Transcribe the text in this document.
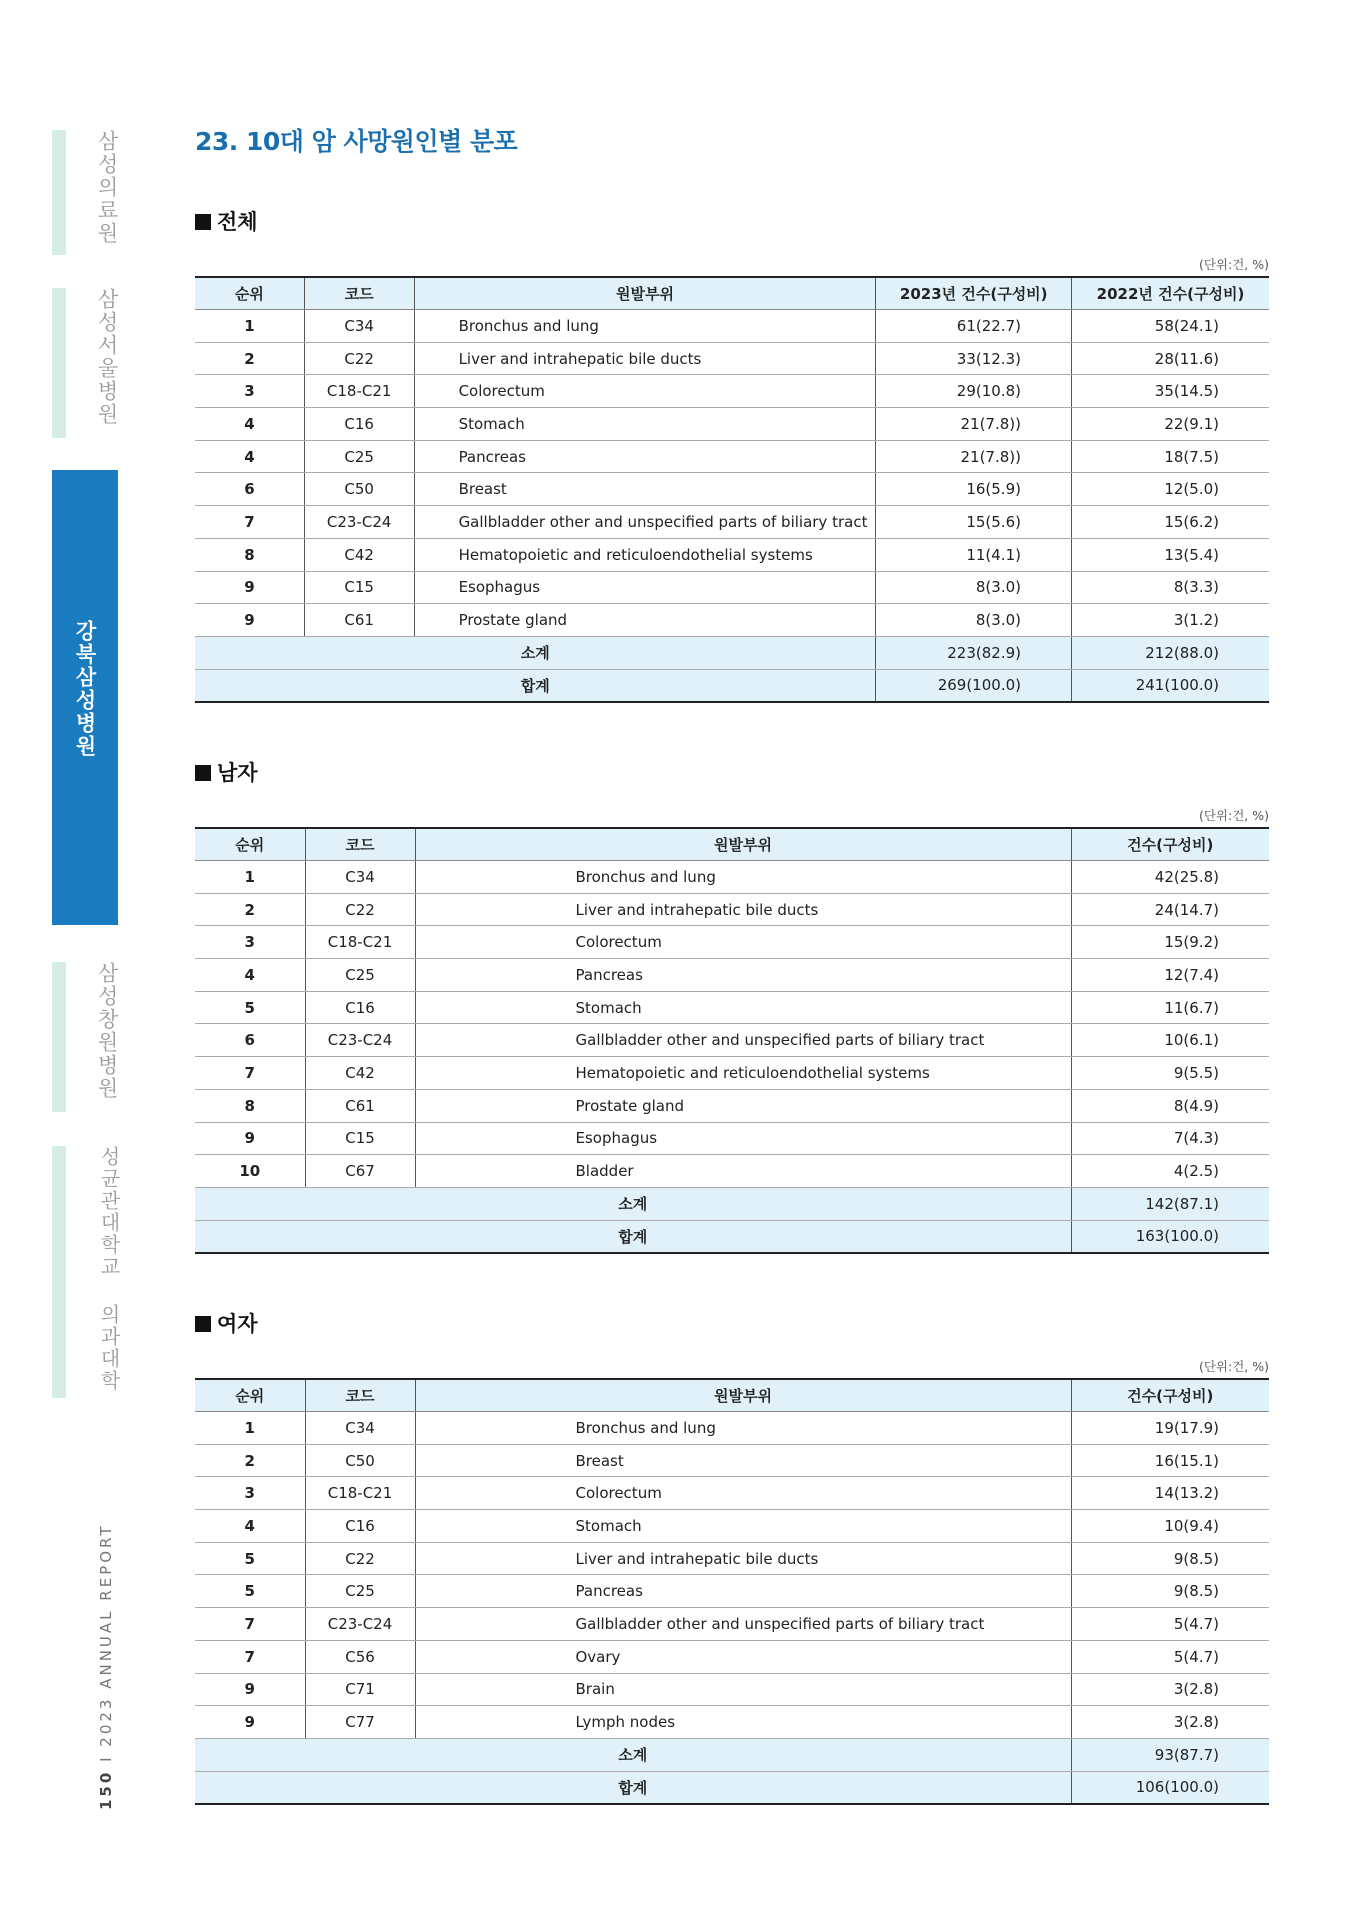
삼성의료원
삼성서울병원
강북삼성병원
삼성창원병원
성균관대학교 의과대학
150 I 2023 ANNUAL REPORT
23. 10대 암 사망원인별 분포
전체
(단위:건, %)
순위	코드	원발부위	2023년 건수(구성비)	2022년 건수(구성비)
1	C34	Bronchus and lung	61(22.7)	58(24.1)
2	C22	Liver and intrahepatic bile ducts	33(12.3)	28(11.6)
3	C18-C21	Colorectum	29(10.8)	35(14.5)
4	C16	Stomach	21(7.8))	22(9.1)
4	C25	Pancreas	21(7.8))	18(7.5)
6	C50	Breast	16(5.9)	12(5.0)
7	C23-C24	Gallbladder other and unspecified parts of biliary tract	15(5.6)	15(6.2)
8	C42	Hematopoietic and reticuloendothelial systems	11(4.1)	13(5.4)
9	C15	Esophagus	8(3.0)	8(3.3)
9	C61	Prostate gland	8(3.0)	3(1.2)
소계			223(82.9)	212(88.0)
합계			269(100.0)	241(100.0)
남자
(단위:건, %)
순위	코드	원발부위	건수(구성비)
1	C34	Bronchus and lung	42(25.8)
2	C22	Liver and intrahepatic bile ducts	24(14.7)
3	C18-C21	Colorectum	15(9.2)
4	C25	Pancreas	12(7.4)
5	C16	Stomach	11(6.7)
6	C23-C24	Gallbladder other and unspecified parts of biliary tract	10(6.1)
7	C42	Hematopoietic and reticuloendothelial systems	9(5.5)
8	C61	Prostate gland	8(4.9)
9	C15	Esophagus	7(4.3)
10	C67	Bladder	4(2.5)
소계			142(87.1)
합계			163(100.0)
여자
(단위:건, %)
순위	코드	원발부위	건수(구성비)
1	C34	Bronchus and lung	19(17.9)
2	C50	Breast	16(15.1)
3	C18-C21	Colorectum	14(13.2)
4	C16	Stomach	10(9.4)
5	C22	Liver and intrahepatic bile ducts	9(8.5)
5	C25	Pancreas	9(8.5)
7	C23-C24	Gallbladder other and unspecified parts of biliary tract	5(4.7)
7	C56	Ovary	5(4.7)
9	C71	Brain	3(2.8)
9	C77	Lymph nodes	3(2.8)
소계			93(87.7)
합계			106(100.0)
